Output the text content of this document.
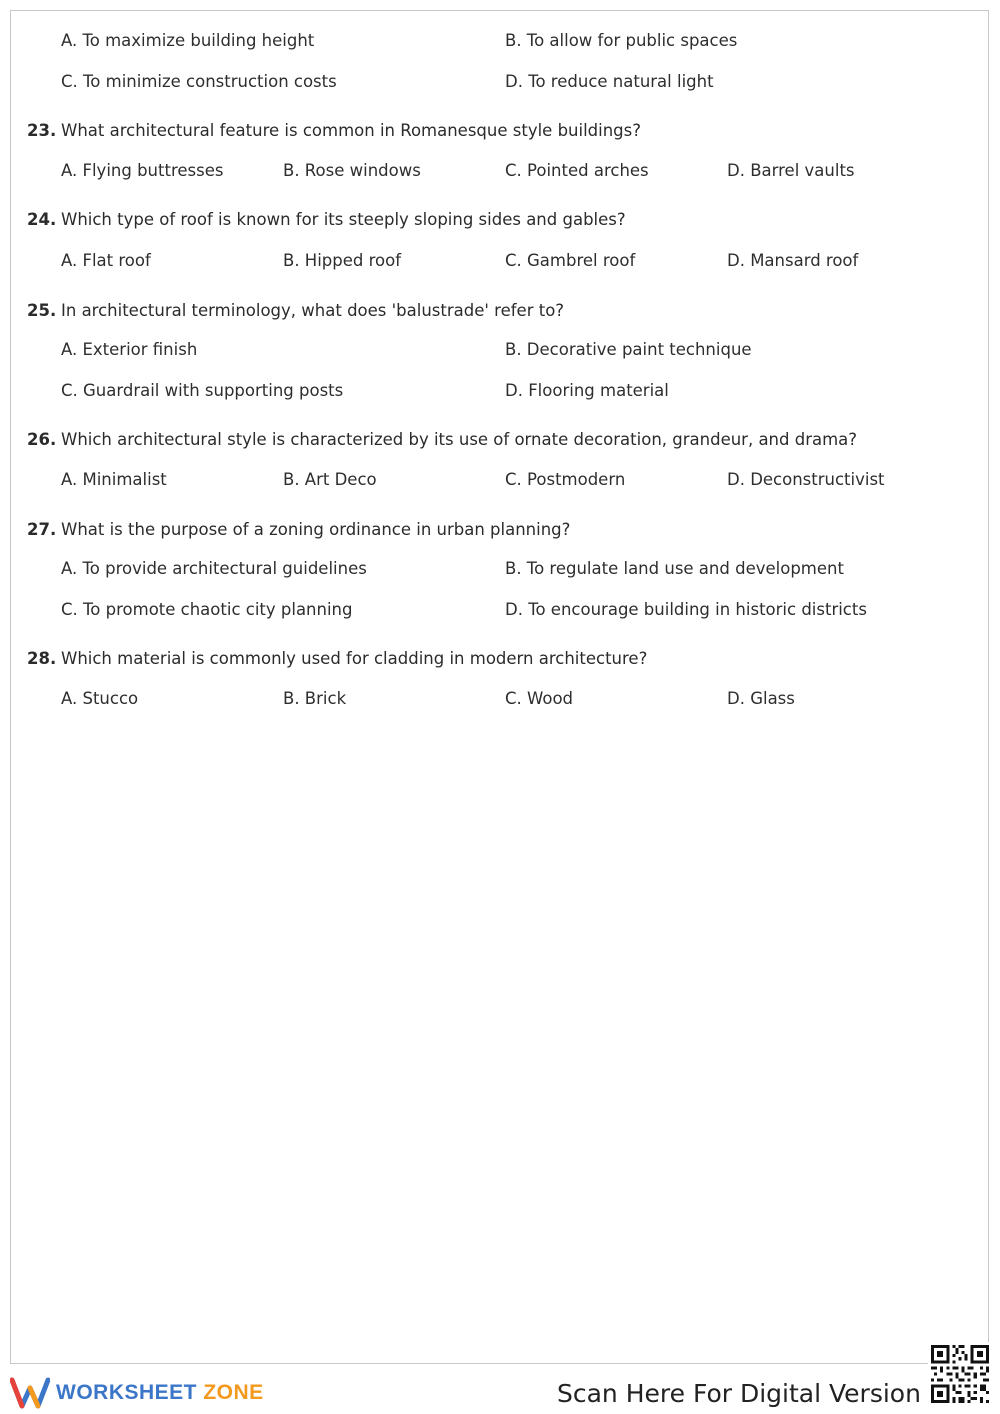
A. To maximize building height	B. To allow for public spaces
C. To minimize construction costs	D. To reduce natural light
23. What architectural feature is common in Romanesque style buildings?
A. Flying buttresses	B. Rose windows	C. Pointed arches	D. Barrel vaults
24. Which type of roof is known for its steeply sloping sides and gables?
A. Flat roof	B. Hipped roof	C. Gambrel roof	D. Mansard roof
25. In architectural terminology, what does 'balustrade' refer to?
A. Exterior finish	B. Decorative paint technique
C. Guardrail with supporting posts	D. Flooring material
26. Which architectural style is characterized by its use of ornate decoration, grandeur, and drama?
A. Minimalist	B. Art Deco	C. Postmodern	D. Deconstructivist
27. What is the purpose of a zoning ordinance in urban planning?
A. To provide architectural guidelines	B. To regulate land use and development
C. To promote chaotic city planning	D. To encourage building in historic districts
28. Which material is commonly used for cladding in modern architecture?
A. Stucco	B. Brick	C. Wood	D. Glass
WORKSHEET ZONE	Scan Here For Digital Version
